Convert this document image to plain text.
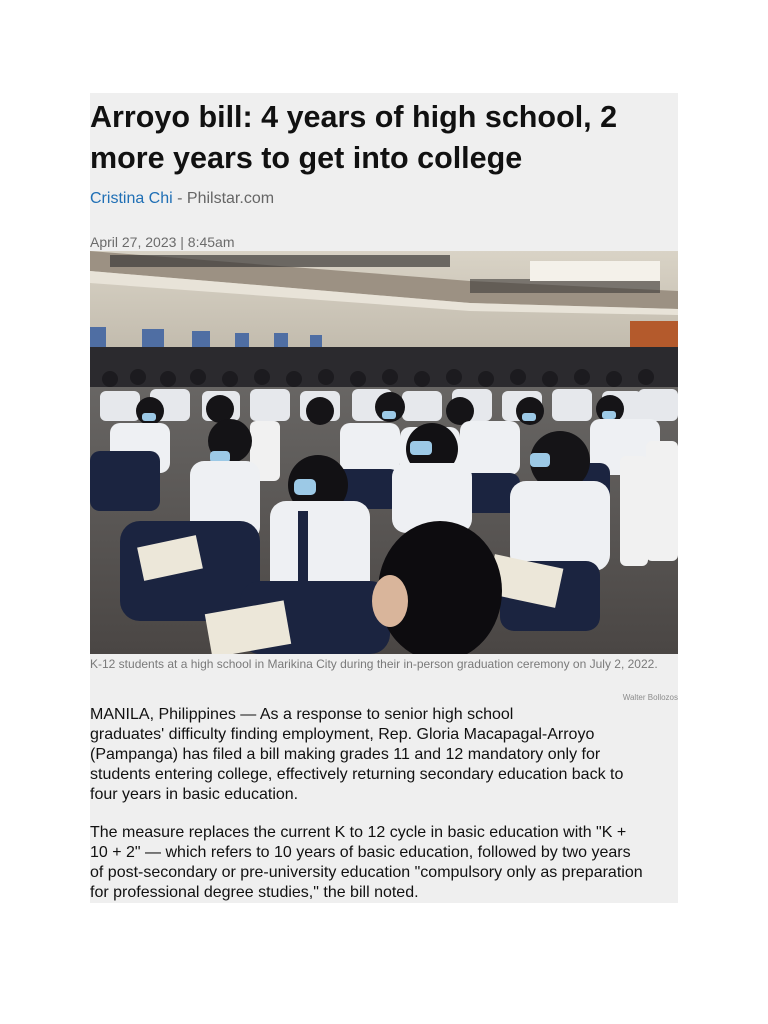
Arroyo bill: 4 years of high school, 2
more years to get into college
Cristina Chi - Philstar.com
April 27, 2023 | 8:45am
K-12 students at a high school in Marikina City during their in-person graduation ceremony on July 2, 2022.
Walter Bollozos

MANILA, Philippines — As a response to senior high school
graduates' difficulty finding employment, Rep. Gloria Macapagal-Arroyo
(Pampanga) has filed a bill making grades 11 and 12 mandatory only for
students entering college, effectively returning secondary education back to
four years in basic education.

The measure replaces the current K to 12 cycle in basic education with "K +
10 + 2" — which refers to 10 years of basic education, followed by two years
of post-secondary or pre-university education "compulsory only as preparation
for professional degree studies," the bill noted.
